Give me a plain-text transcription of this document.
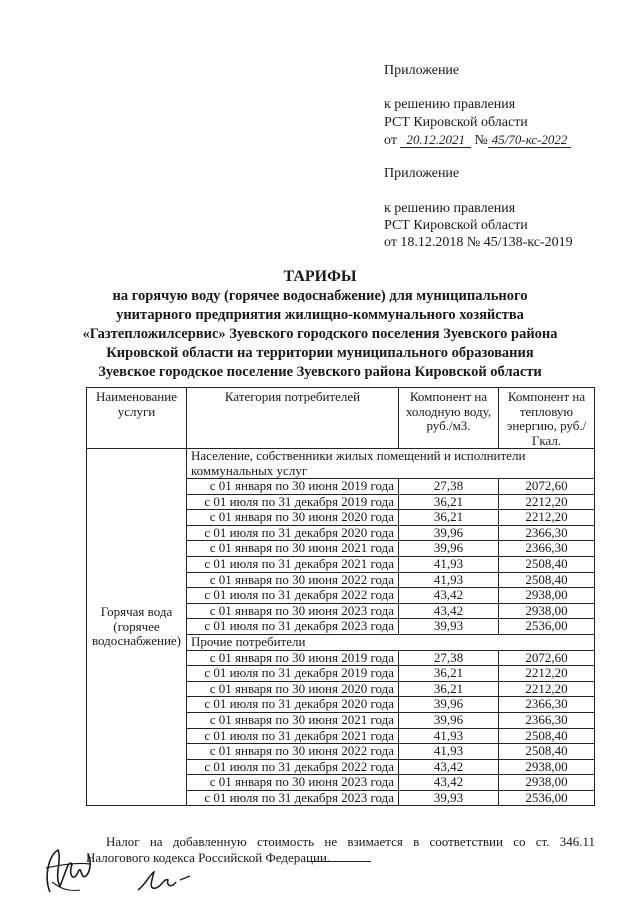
Приложение
к решению правления
РСТ Кировской области
от 20.12.2021 № 45/70-кс-2022
Приложение
к решению правления
РСТ Кировской области
от 18.12.2018 № 45/138-кс-2019
ТАРИФЫ
на горячую воду (горячее водоснабжение) для муниципального
унитарного предприятия жилищно-коммунального хозяйства
«Газтепложилсервис» Зуевского городского поселения Зуевского района
Кировской области на территории муниципального образования
Зуевское городское поселение Зуевского района Кировской области
Наименование услуги	Категория потребителей	Компонент на холодную воду, руб./м3.	Компонент на тепловую энергию, руб./Гкал.
Горячая вода (горячее водоснабжение)	Население, собственники жилых помещений и исполнители коммунальных услуг		
	с 01 января по 30 июня 2019 года	27,38	2072,60
	с 01 июля по 31 декабря 2019 года	36,21	2212,20
	с 01 января по 30 июня 2020 года	36,21	2212,20
	с 01 июля по 31 декабря 2020 года	39,96	2366,30
	с 01 января по 30 июня 2021 года	39,96	2366,30
	с 01 июля по 31 декабря 2021 года	41,93	2508,40
	с 01 января по 30 июня 2022 года	41,93	2508,40
	с 01 июля по 31 декабря 2022 года	43,42	2938,00
	с 01 января по 30 июня 2023 года	43,42	2938,00
	с 01 июля по 31 декабря 2023 года	39,93	2536,00
	Прочие потребители		
	с 01 января по 30 июня 2019 года	27,38	2072,60
	с 01 июля по 31 декабря 2019 года	36,21	2212,20
	с 01 января по 30 июня 2020 года	36,21	2212,20
	с 01 июля по 31 декабря 2020 года	39,96	2366,30
	с 01 января по 30 июня 2021 года	39,96	2366,30
	с 01 июля по 31 декабря 2021 года	41,93	2508,40
	с 01 января по 30 июня 2022 года	41,93	2508,40
	с 01 июля по 31 декабря 2022 года	43,42	2938,00
	с 01 января по 30 июня 2023 года	43,42	2938,00
	с 01 июля по 31 декабря 2023 года	39,93	2536,00
Налог на добавленную стоимость не взимается в соответствии со ст. 346.11
Налогового кодекса Российской Федерации.
